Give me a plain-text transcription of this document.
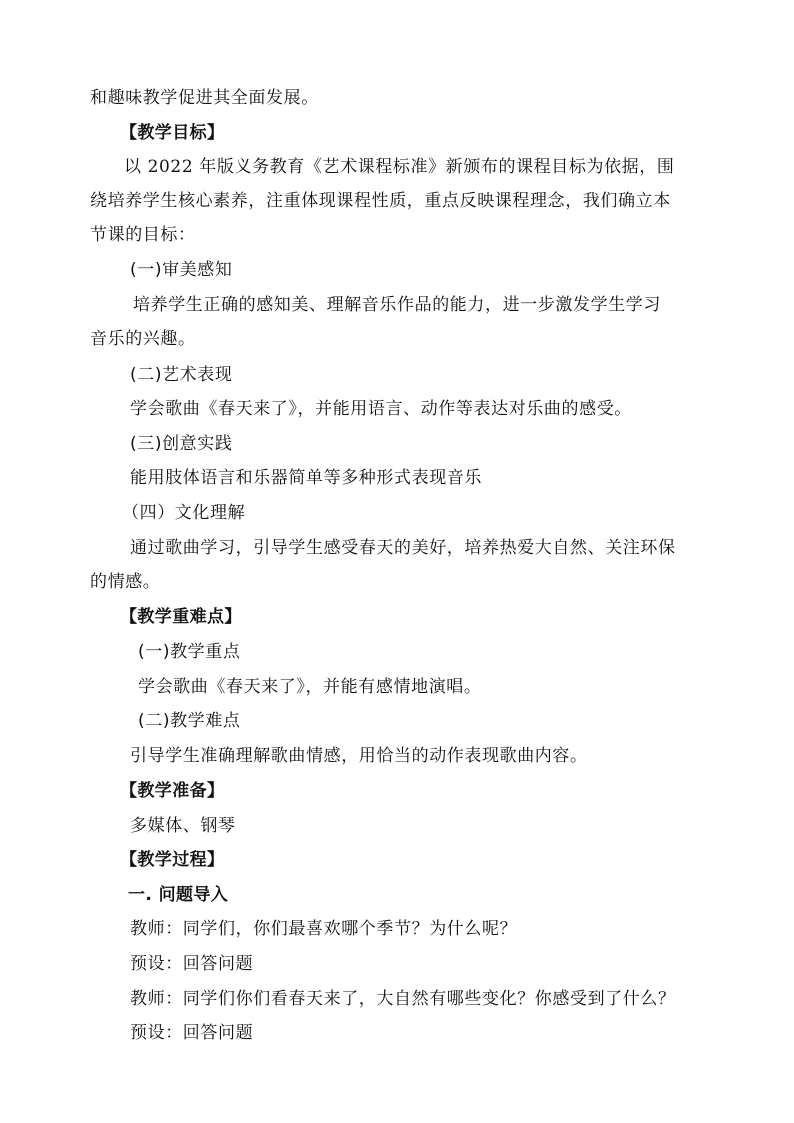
和趣味教学促进其全面发展。
【教学目标】
以 2022 年版义务教育《艺术课程标准》新颁布的课程目标为依据，围
绕培养学生核心素养，注重体现课程性质，重点反映课程理念，我们确立本
节课的目标：
(一)审美感知
培养学生正确的感知美、理解音乐作品的能力，进一步激发学生学习
音乐的兴趣。
(二)艺术表现
学会歌曲《春天来了》，并能用语言、动作等表达对乐曲的感受。
(三)创意实践
能用肢体语言和乐器简单等多种形式表现音乐
（四）文化理解
通过歌曲学习，引导学生感受春天的美好，培养热爱大自然、关注环保
的情感。
【教学重难点】
(一)教学重点
学会歌曲《春天来了》，并能有感情地演唱。
(二)教学难点
引导学生准确理解歌曲情感，用恰当的动作表现歌曲内容。
【教学准备】
多媒体、钢琴
【教学过程】
一. 问题导入
教师：同学们，你们最喜欢哪个季节？为什么呢？
预设：回答问题
教师：同学们你们看春天来了，大自然有哪些变化？你感受到了什么？
预设：回答问题
